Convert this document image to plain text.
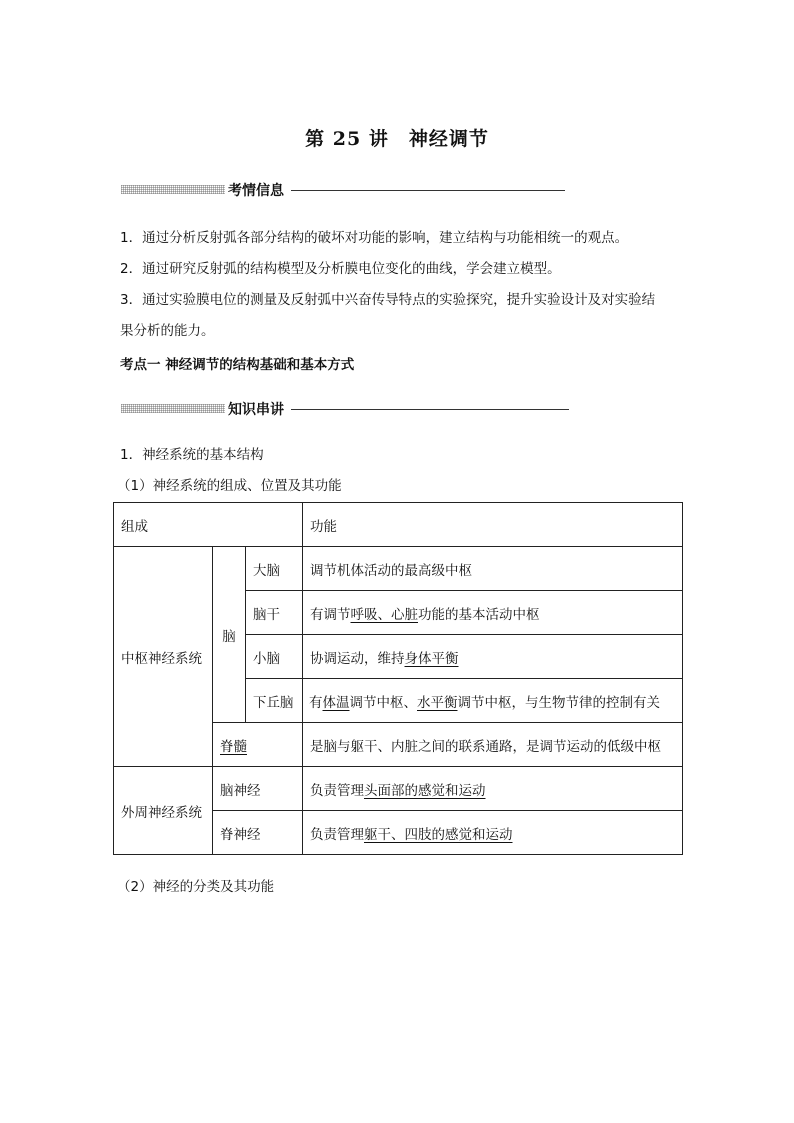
第 25 讲 神经调节
考情信息
1．通过分析反射弧各部分结构的破坏对功能的影响，建立结构与功能相统一的观点。
2．通过研究反射弧的结构模型及分析膜电位变化的曲线，学会建立模型。
3．通过实验膜电位的测量及反射弧中兴奋传导特点的实验探究，提升实验设计及对实验结
果分析的能力。
考点一 神经调节的结构基础和基本方式
知识串讲
1．神经系统的基本结构
（1）神经系统的组成、位置及其功能
组成			功能
中枢神经系统	脑	大脑	调节机体活动的最高级中枢
		脑干	有调节呼吸、心脏功能的基本活动中枢
		小脑	协调运动，维持身体平衡
		下丘脑	有体温调节中枢、水平衡调节中枢，与生物节律的控制有关
	脊髓		是脑与躯干、内脏之间的联系通路，是调节运动的低级中枢
外周神经系统	脑神经		负责管理头面部的感觉和运动
	脊神经		负责管理躯干、四肢的感觉和运动
（2）神经的分类及其功能
